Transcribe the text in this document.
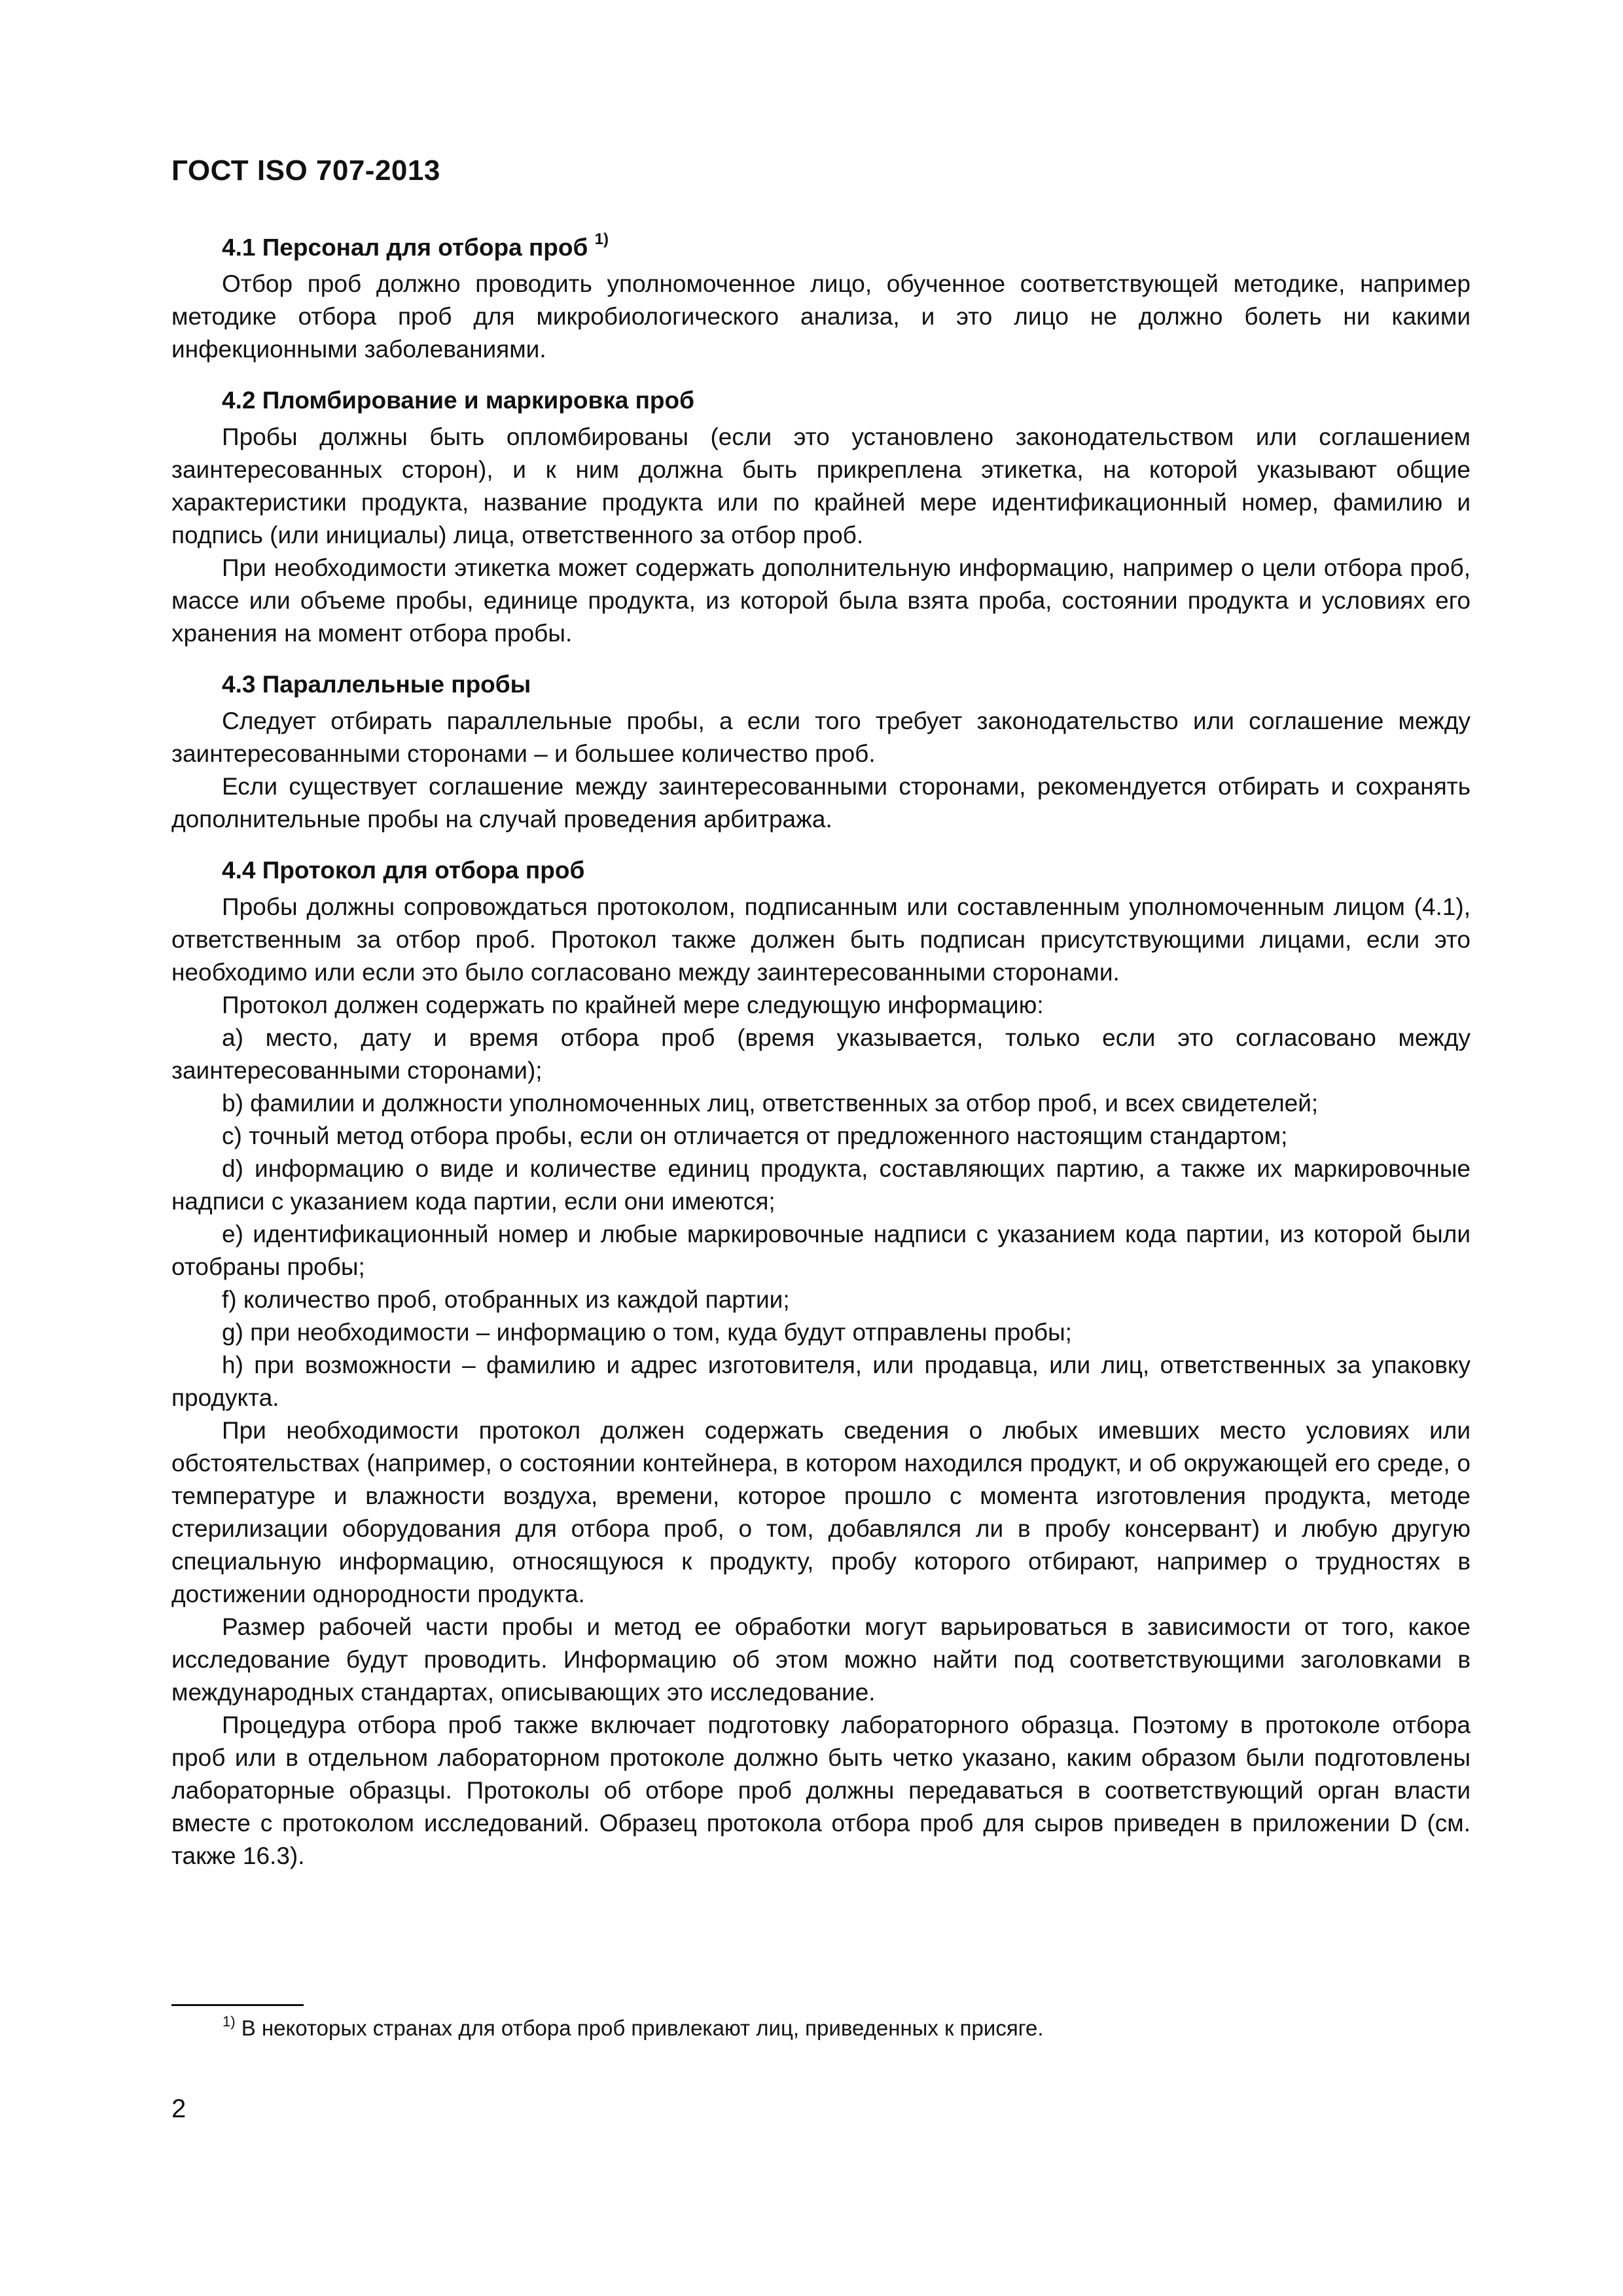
ГОСТ ISO 707-2013
4.1 Персонал для отбора проб $^{1)}$

Отбор проб должно проводить уполномоченное лицо, обученное соответствующей методике, например методике отбора проб для микробиологического анализа, и это лицо не должно болеть ни какими инфекционными заболеваниями.

4.2 Пломбирование и маркировка проб

Пробы должны быть опломбированы (если это установлено законодательством или соглашением заинтересованных сторон), и к ним должна быть прикреплена этикетка, на которой указывают общие характеристики продукта, название продукта или по крайней мере идентификационный номер, фамилию и подпись (или инициалы) лица, ответственного за отбор проб.

При необходимости этикетка может содержать дополнительную информацию, например о цели отбора проб, массе или объеме пробы, единице продукта, из которой была взята проба, состоянии продукта и условиях его хранения на момент отбора пробы.

4.3 Параллельные пробы

Следует отбирать параллельные пробы, а если того требует законодательство или соглашение между заинтересованными сторонами – и большее количество проб.

Если существует соглашение между заинтересованными сторонами, рекомендуется отбирать и сохранять дополнительные пробы на случай проведения арбитража.

4.4 Протокол для отбора проб

Пробы должны сопровождаться протоколом, подписанным или составленным уполномоченным лицом (4.1), ответственным за отбор проб. Протокол также должен быть подписан присутствующими лицами, если это необходимо или если это было согласовано между заинтересованными сторонами.

Протокол должен содержать по крайней мере следующую информацию:

a) место, дату и время отбора проб (время указывается, только если это согласовано между заинтересованными сторонами);

b) фамилии и должности уполномоченных лиц, ответственных за отбор проб, и всех свидетелей;

c) точный метод отбора пробы, если он отличается от предложенного настоящим стандартом;

d) информацию о виде и количестве единиц продукта, составляющих партию, а также их маркировочные надписи с указанием кода партии, если они имеются;

e) идентификационный номер и любые маркировочные надписи с указанием кода партии, из которой были отобраны пробы;

f) количество проб, отобранных из каждой партии;

g) при необходимости – информацию о том, куда будут отправлены пробы;

h) при возможности – фамилию и адрес изготовителя, или продавца, или лиц, ответственных за упаковку продукта.

При необходимости протокол должен содержать сведения о любых имевших место условиях или обстоятельствах (например, о состоянии контейнера, в котором находился продукт, и об окружающей его среде, о температуре и влажности воздуха, времени, которое прошло с момента изготовления продукта, методе стерилизации оборудования для отбора проб, о том, добавлялся ли в пробу консервант) и любую другую специальную информацию, относящуюся к продукту, пробу которого отбирают, например о трудностях в достижении однородности продукта.

Размер рабочей части пробы и метод ее обработки могут варьироваться в зависимости от того, какое исследование будут проводить. Информацию об этом можно найти под соответствующими заголовками в международных стандартах, описывающих это исследование.

Процедура отбора проб также включает подготовку лабораторного образца. Поэтому в протоколе отбора проб или в отдельном лабораторном протоколе должно быть четко указано, каким образом были подготовлены лабораторные образцы. Протоколы об отборе проб должны передаваться в соответствующий орган власти вместе с протоколом исследований. Образец протокола отбора проб для сыров приведен в приложении D (см. также 16.3).

$^{1)}$ В некоторых странах для отбора проб привлекают лиц, приведенных к присяге.
2
